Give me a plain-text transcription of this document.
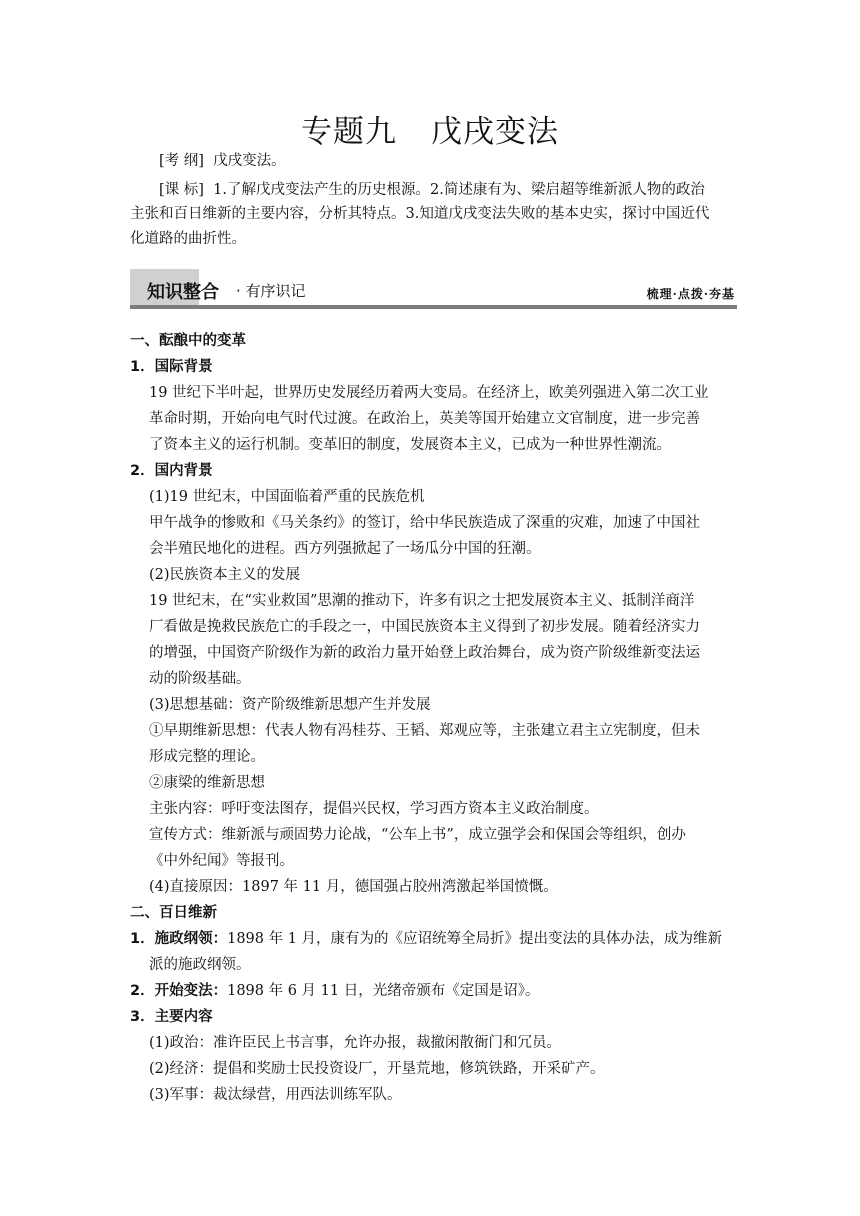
专题九 戊戌变法

[考 纲] 戊戌变法。

[课 标] 1.了解戊戌变法产生的历史根源。2.简述康有为、梁启超等维新派人物的政治

主张和百日维新的主要内容，分析其特点。3.知道戊戌变法失败的基本史实，探讨中国近代

化道路的曲折性。

知识整合 · 有序识记	梳理·点拨·夯基

一、酝酿中的变革

1．国际背景

19 世纪下半叶起，世界历史发展经历着两大变局。在经济上，欧美列强进入第二次工业

革命时期，开始向电气时代过渡。在政治上，英美等国开始建立文官制度，进一步完善

了资本主义的运行机制。变革旧的制度，发展资本主义，已成为一种世界性潮流。

2．国内背景

(1)19 世纪末，中国面临着严重的民族危机

甲午战争的惨败和《马关条约》的签订，给中华民族造成了深重的灾难，加速了中国社

会半殖民地化的进程。西方列强掀起了一场瓜分中国的狂潮。

(2)民族资本主义的发展

19 世纪末，在“实业救国”思潮的推动下，许多有识之士把发展资本主义、抵制洋商洋

厂看做是挽救民族危亡的手段之一，中国民族资本主义得到了初步发展。随着经济实力

的增强，中国资产阶级作为新的政治力量开始登上政治舞台，成为资产阶级维新变法运

动的阶级基础。

(3)思想基础：资产阶级维新思想产生并发展

①早期维新思想：代表人物有冯桂芬、王韬、郑观应等，主张建立君主立宪制度，但未

形成完整的理论。

②康梁的维新思想

主张内容：呼吁变法图存，提倡兴民权，学习西方资本主义政治制度。

宣传方式：维新派与顽固势力论战，“公车上书”，成立强学会和保国会等组织，创办

《中外纪闻》等报刊。

(4)直接原因：1897 年 11 月，德国强占胶州湾激起举国愤慨。

二、百日维新

1．施政纲领：1898 年 1 月，康有为的《应诏统筹全局折》提出变法的具体办法，成为维新

派的施政纲领。

2．开始变法：1898 年 6 月 11 日，光绪帝颁布《定国是诏》。

3．主要内容

(1)政治：准许臣民上书言事，允许办报，裁撤闲散衙门和冗员。

(2)经济：提倡和奖励士民投资设厂，开垦荒地，修筑铁路，开采矿产。

(3)军事：裁汰绿营，用西法训练军队。
